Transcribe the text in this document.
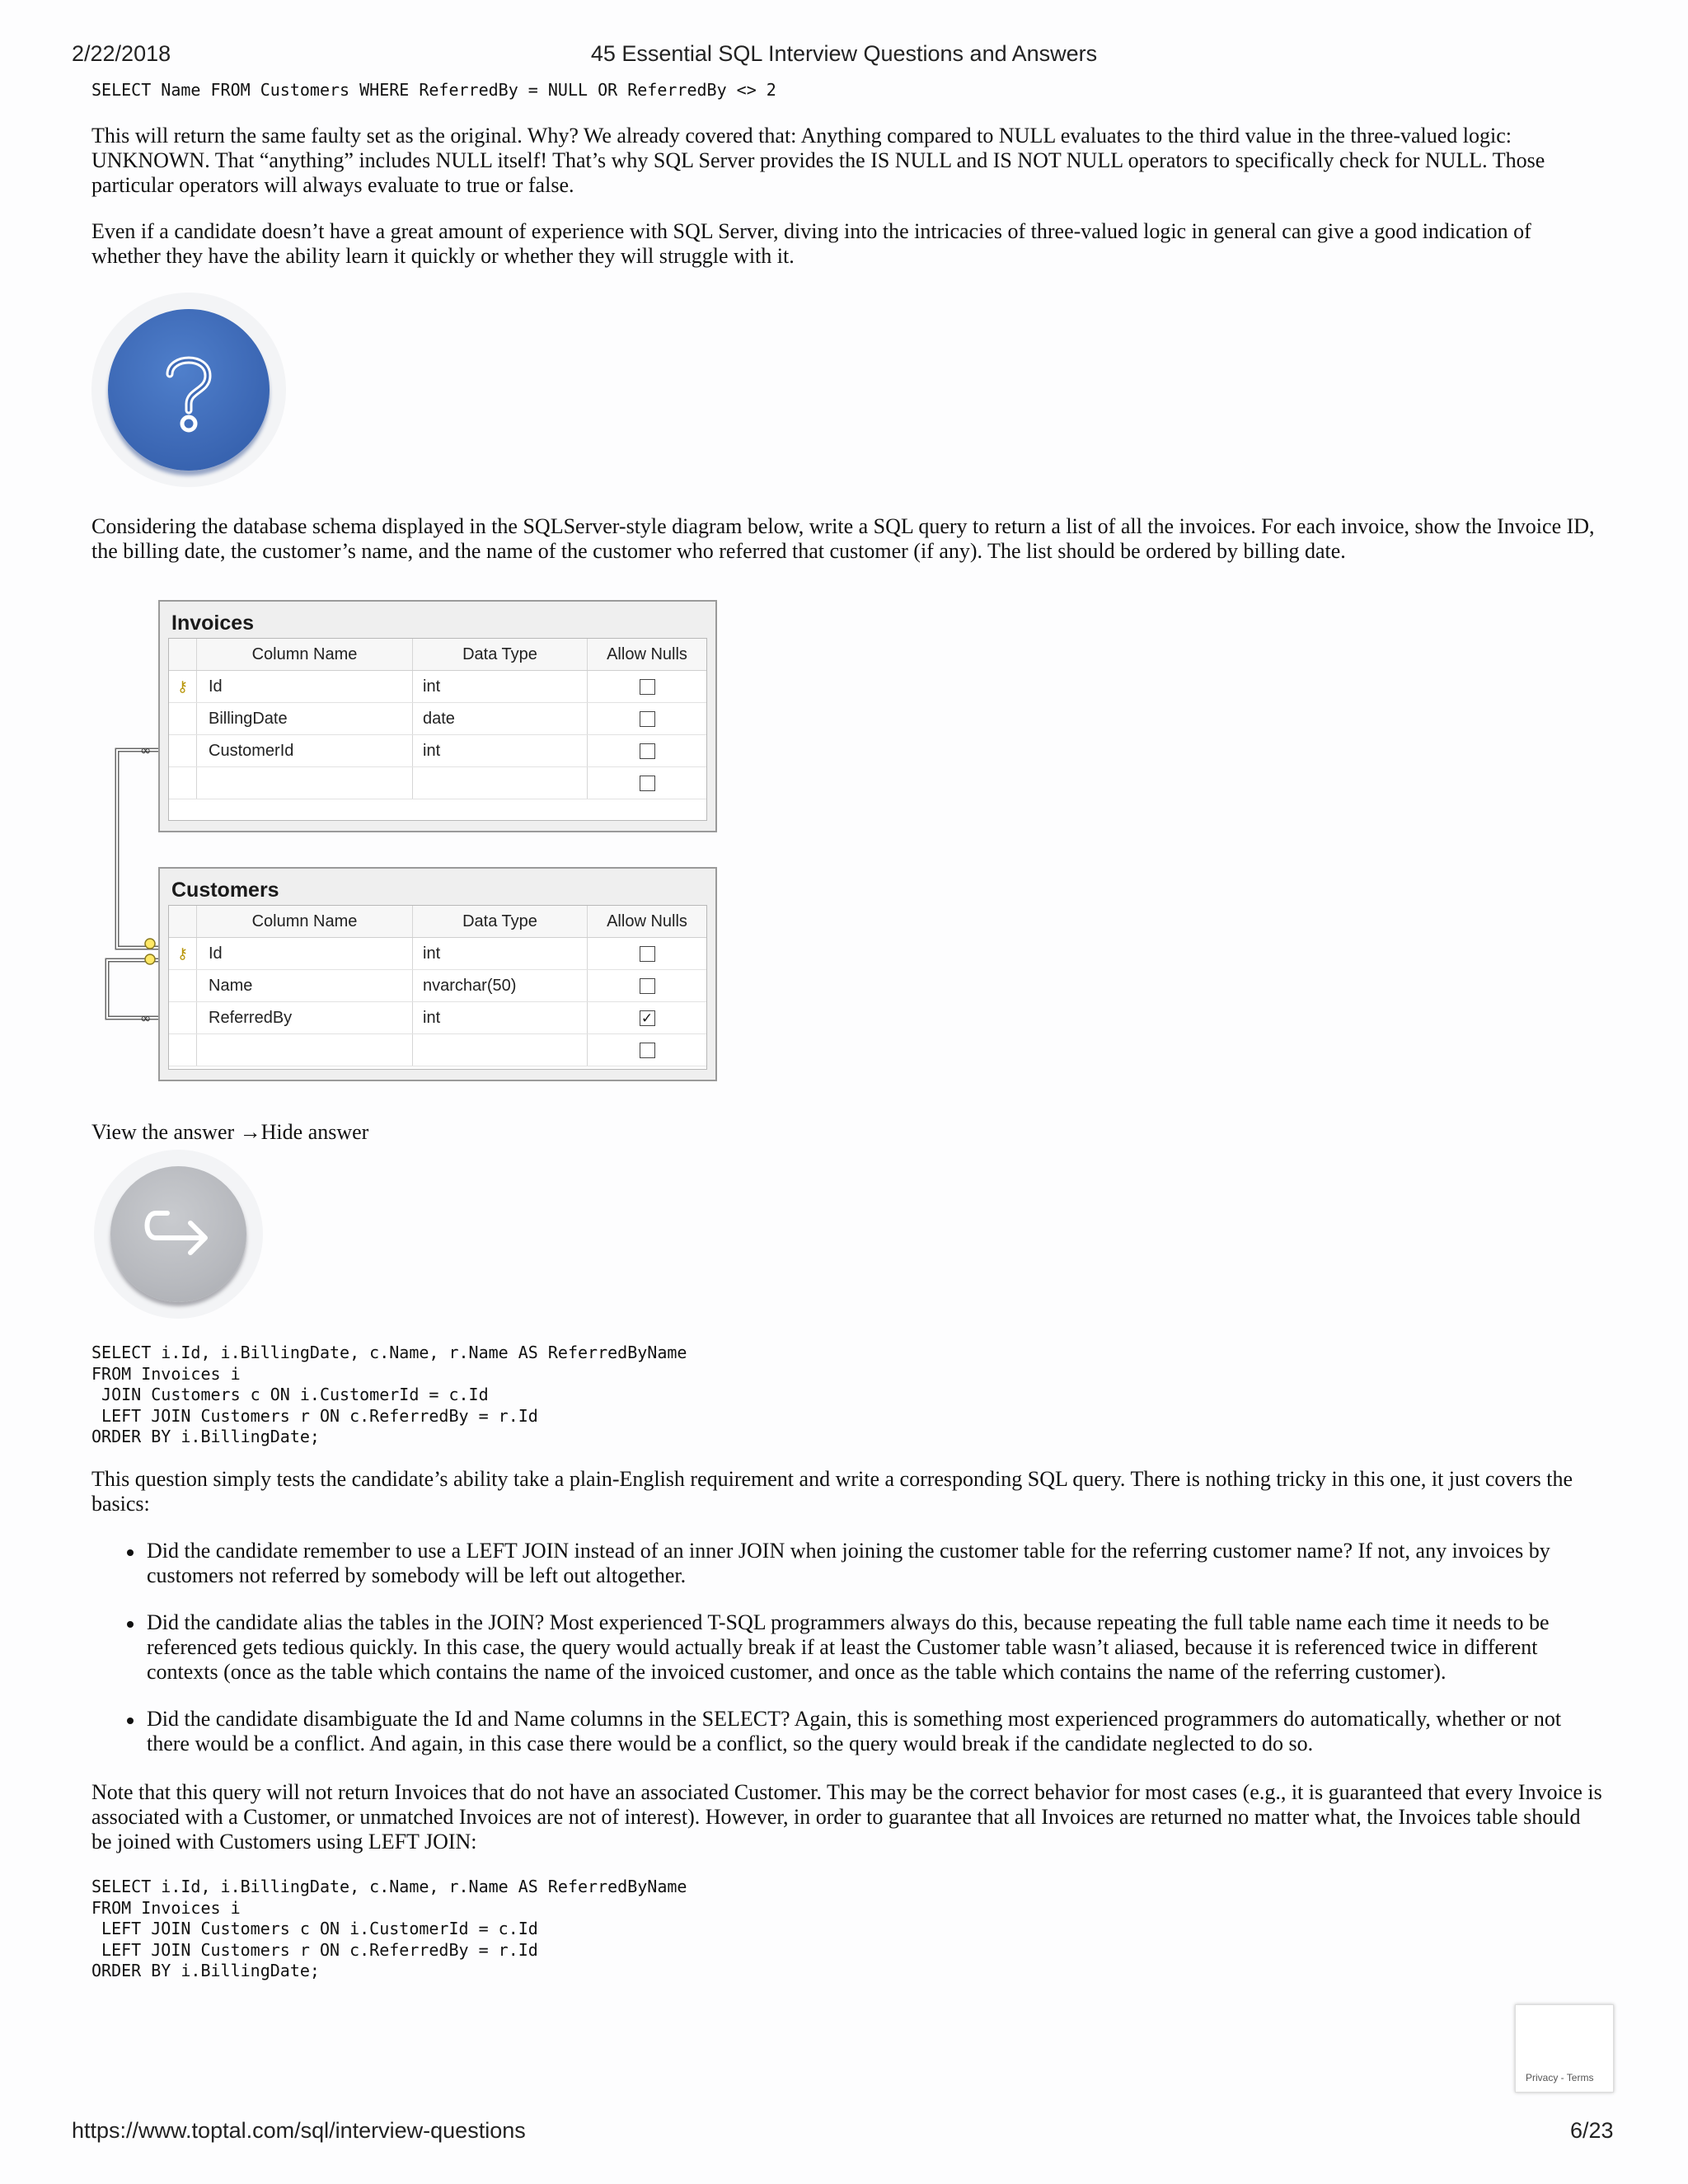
2/22/2018	45 Essential SQL Interview Questions and Answers
SELECT Name FROM Customers WHERE ReferredBy = NULL OR ReferredBy <> 2

This will return the same faulty set as the original. Why? We already covered that: Anything compared to NULL evaluates to the third value in the three-valued logic: UNKNOWN. That “anything” includes NULL itself! That’s why SQL Server provides the IS NULL and IS NOT NULL operators to specifically check for NULL. Those particular operators will always evaluate to true or false.

Even if a candidate doesn’t have a great amount of experience with SQL Server, diving into the intricacies of three-valued logic in general can give a good indication of whether they have the ability learn it quickly or whether they will struggle with it.

Considering the database schema displayed in the SQLServer-style diagram below, write a SQL query to return a list of all the invoices. For each invoice, show the Invoice ID, the billing date, the customer’s name, and the name of the customer who referred that customer (if any). The list should be ordered by billing date.

∞
∞
Invoices
Column Name	Data Type	Allow Nulls
⚷	Id	int
BillingDate	date
CustomerId	int
Customers
Column Name	Data Type	Allow Nulls
⚷	Id	int
Name	nvarchar(50)
ReferredBy	int	✓
View the answer →Hide answer
SELECT i.Id, i.BillingDate, c.Name, r.Name AS ReferredByName
FROM Invoices i
JOIN Customers c ON i.CustomerId = c.Id
LEFT JOIN Customers r ON c.ReferredBy = r.Id
ORDER BY i.BillingDate;

This question simply tests the candidate’s ability take a plain-English requirement and write a corresponding SQL query. There is nothing tricky in this one, it just covers the basics:

Did the candidate remember to use a LEFT JOIN instead of an inner JOIN when joining the customer table for the referring customer name? If not, any invoices by customers not referred by somebody will be left out altogether.
Did the candidate alias the tables in the JOIN? Most experienced T-SQL programmers always do this, because repeating the full table name each time it needs to be referenced gets tedious quickly. In this case, the query would actually break if at least the Customer table wasn’t aliased, because it is referenced twice in different contexts (once as the table which contains the name of the invoiced customer, and once as the table which contains the name of the referring customer).
Did the candidate disambiguate the Id and Name columns in the SELECT? Again, this is something most experienced programmers do automatically, whether or not there would be a conflict. And again, in this case there would be a conflict, so the query would break if the candidate neglected to do so.

Note that this query will not return Invoices that do not have an associated Customer. This may be the correct behavior for most cases (e.g., it is guaranteed that every Invoice is associated with a Customer, or unmatched Invoices are not of interest). However, in order to guarantee that all Invoices are returned no matter what, the Invoices table should be joined with Customers using LEFT JOIN:

SELECT i.Id, i.BillingDate, c.Name, r.Name AS ReferredByName
FROM Invoices i
LEFT JOIN Customers c ON i.CustomerId = c.Id
LEFT JOIN Customers r ON c.ReferredBy = r.Id
ORDER BY i.BillingDate;
Privacy - Terms
https://www.toptal.com/sql/interview-questions	6/23
